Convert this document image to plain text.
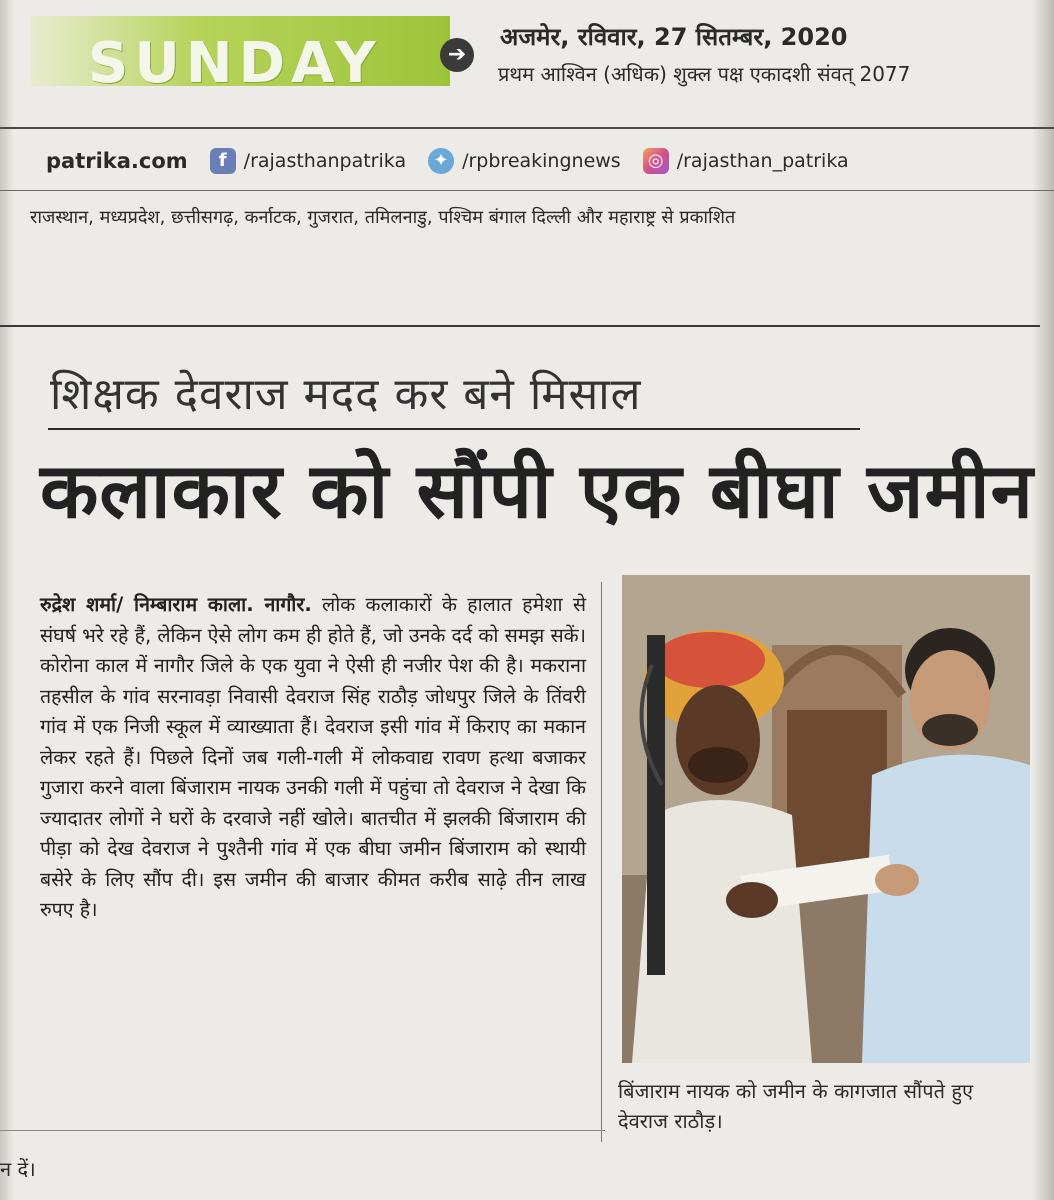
SUNDAY	➔
अजमेर, रविवार, 27 सितम्बर, 2020
प्रथम आश्विन (अधिक) शुक्ल पक्ष एकादशी संवत् 2077
patrika.com	f /rajasthanpatrika	✦ /rpbreakingnews ◎ /rajasthan_patrika
राजस्थान, मध्यप्रदेश, छत्तीसगढ़, कर्नाटक, गुजरात, तमिलनाडु, पश्चिम बंगाल दिल्ली और महाराष्ट्र से प्रकाशित
शिक्षक देवराज मदद कर बने मिसाल
कलाकार को सौंपी एक बीघा जमीन
रुद्रेश शर्मा/ निम्बाराम काला. नागौर. लोक कलाकारों के हालात हमेशा से संघर्ष भरे रहे हैं, लेकिन ऐसे लोग कम ही होते हैं, जो उनके दर्द को समझ सकें। कोरोना काल में नागौर जिले के एक युवा ने ऐसी ही नजीर पेश की है। मकराना तहसील के गांव सरनावड़ा निवासी देवराज सिंह राठौड़ जोधपुर जिले के तिंवरी गांव में एक निजी स्कूल में व्याख्याता हैं। देवराज इसी गांव में किराए का मकान लेकर रहते हैं। पिछले दिनों जब गली-गली में लोकवाद्य रावण हत्था बजाकर गुजारा करने वाला बिंजाराम नायक उनकी गली में पहुंचा तो देवराज ने देखा कि ज्यादातर लोगों ने घरों के दरवाजे नहीं खोले। बातचीत में झलकी बिंजाराम की पीड़ा को देख देवराज ने पुश्तैनी गांव में एक बीघा जमीन बिंजाराम को स्थायी बसेरे के लिए सौंप दी। इस जमीन की बाजार कीमत करीब साढ़े तीन लाख रुपए है।
बिंजाराम नायक को जमीन के कागजात सौंपते हुए देवराज राठौड़।
न दें।
